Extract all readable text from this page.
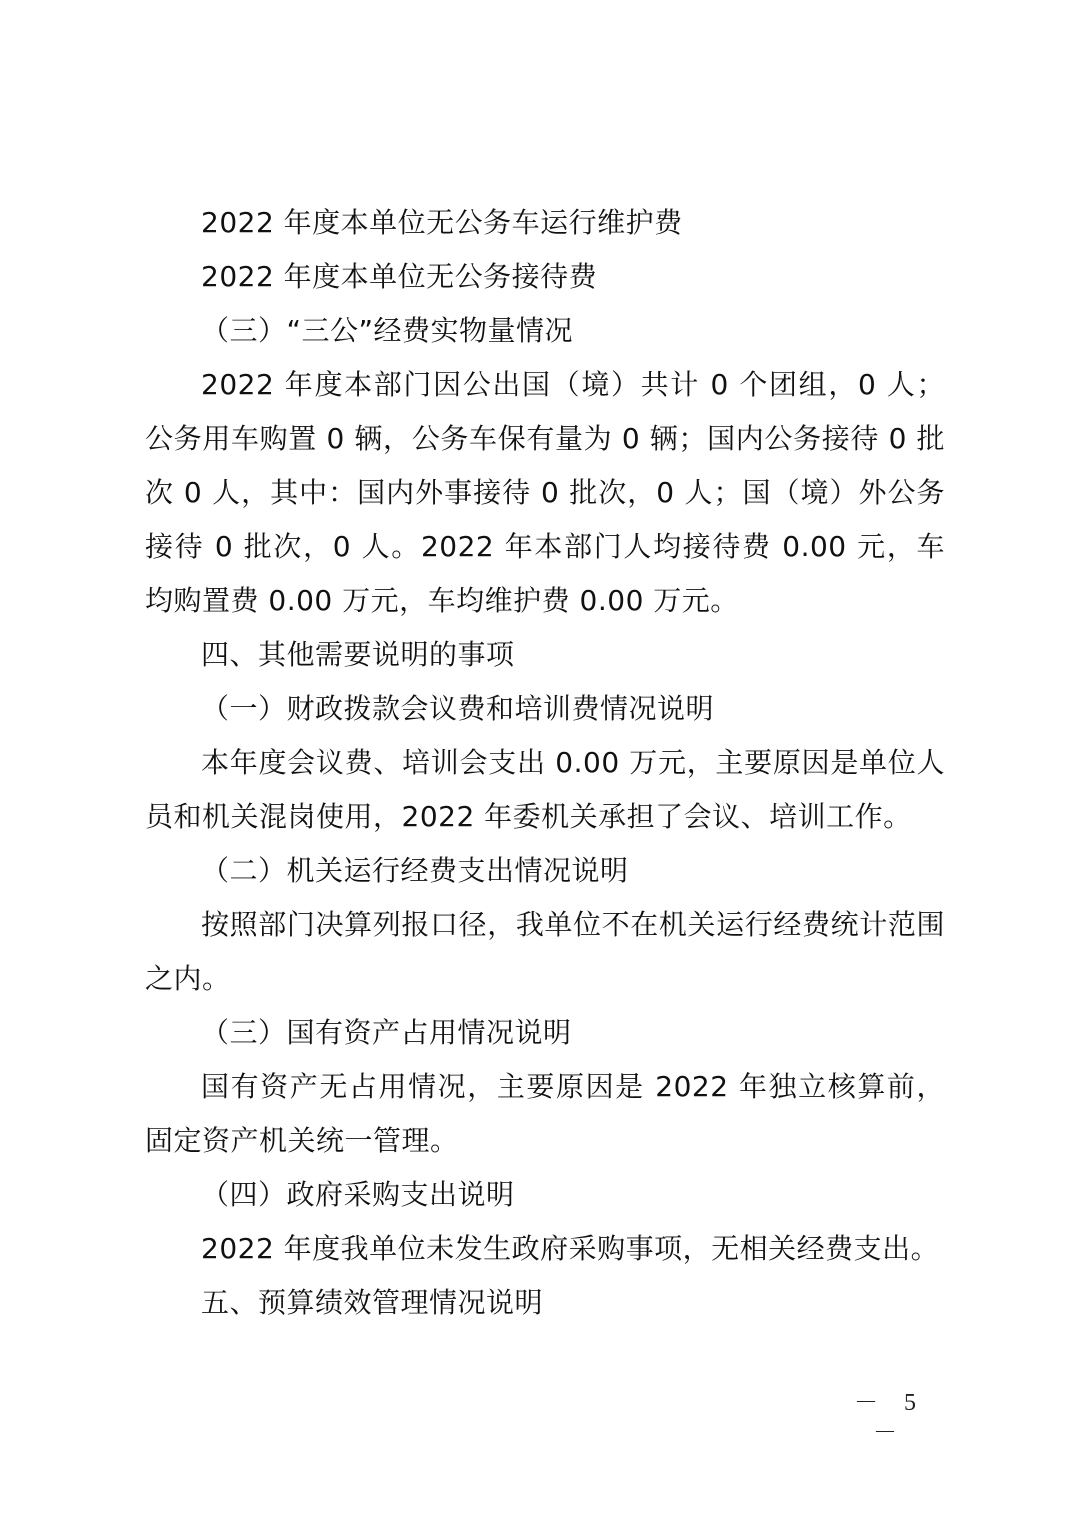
2022 年度本单位无公务车运行维护费

2022 年度本单位无公务接待费

（三）“三公”经费实物量情况

2022 年度本部门因公出国（境）共计 0 个团组，0 人；公务用车购置 0 辆，公务车保有量为 0 辆；国内公务接待 0 批次 0 人，其中：国内外事接待 0 批次，0 人；国（境）外公务接待 0 批次，0 人。2022 年本部门人均接待费 0.00 元，车均购置费 0.00 万元，车均维护费 0.00 万元。

四、其他需要说明的事项

（一）财政拨款会议费和培训费情况说明

本年度会议费、培训会支出 0.00 万元，主要原因是单位人员和机关混岗使用，2022 年委机关承担了会议、培训工作。

（二）机关运行经费支出情况说明

按照部门决算列报口径，我单位不在机关运行经费统计范围之内。

（三）国有资产占用情况说明

国有资产无占用情况，主要原因是 2022 年独立核算前，固定资产机关统一管理。

（四）政府采购支出说明

2022 年度我单位未发生政府采购事项，无相关经费支出。

五、预算绩效管理情况说明

－ 5 －
